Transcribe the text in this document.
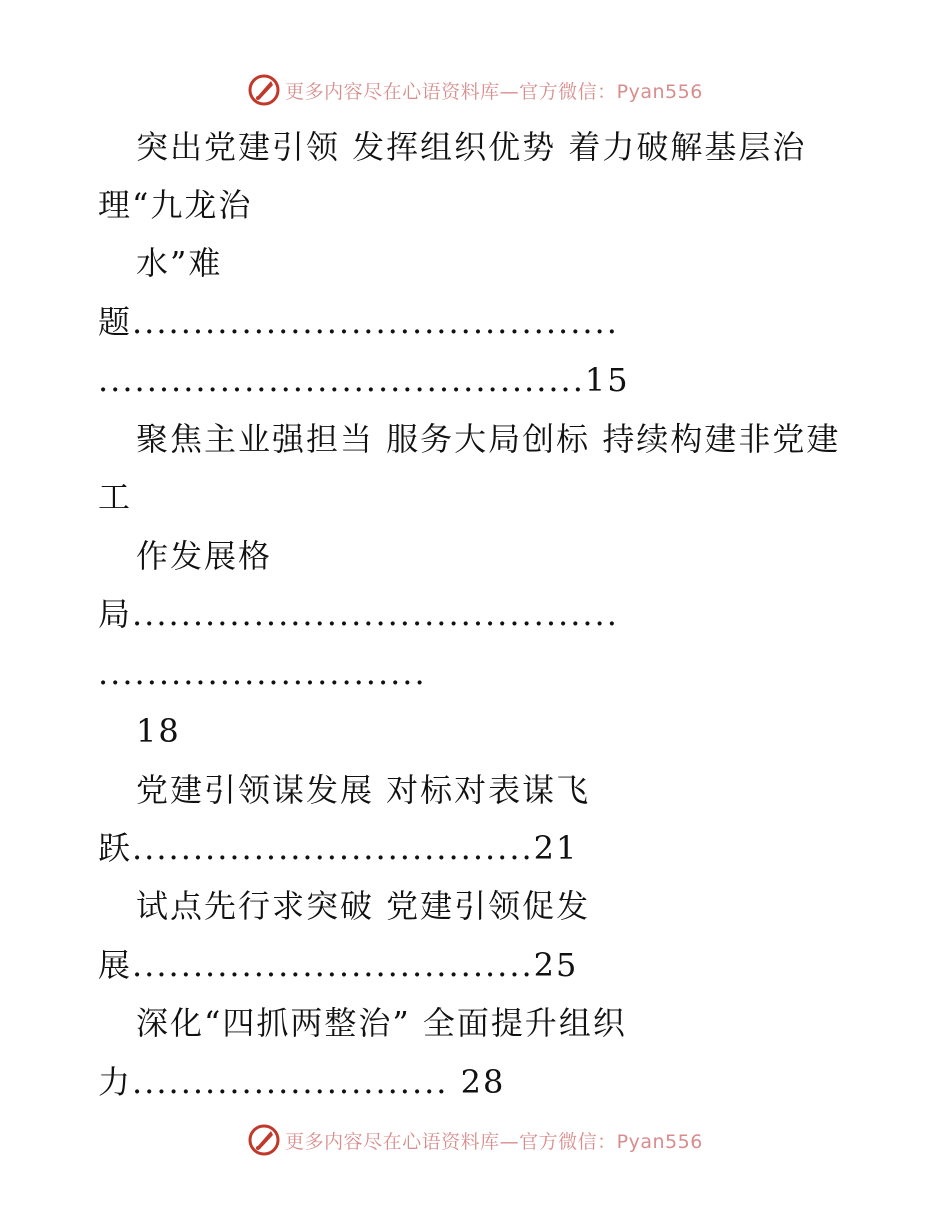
更多内容尽在心语资料库—官方微信：Pyan556
突出党建引领 发挥组织优势 着力破解基层治
理“九龙治
水”难
题........................................
........................................15
聚焦主业强担当 服务大局创标 持续构建非党建
工
作发展格
局........................................
...........................
18
党建引领谋发展 对标对表谋飞
跃.................................21
试点先行求突破 党建引领促发
展.................................25
深化“四抓两整治” 全面提升组织
力.......................... 28
更多内容尽在心语资料库—官方微信：Pyan556
